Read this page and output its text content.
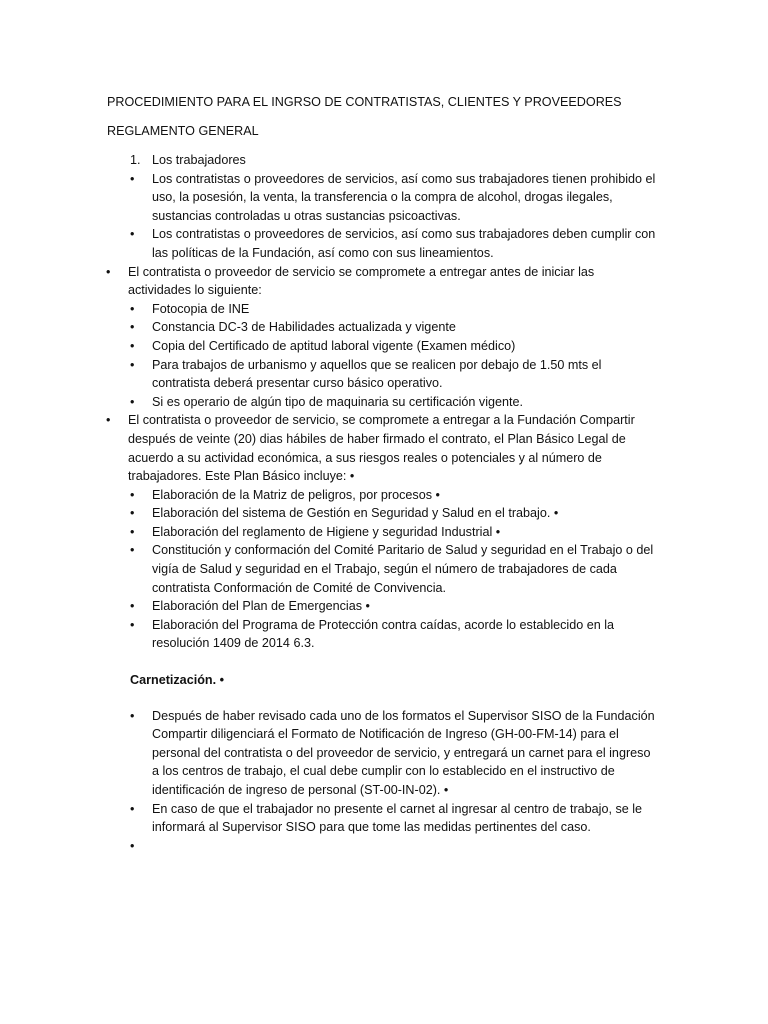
PROCEDIMIENTO PARA EL INGRSO DE CONTRATISTAS, CLIENTES Y PROVEEDORES
REGLAMENTO GENERAL
1. Los trabajadores
• Los contratistas o proveedores de servicios, así como sus trabajadores tienen prohibido el uso, la posesión, la venta, la transferencia o la compra de alcohol, drogas ilegales, sustancias controladas u otras sustancias psicoactivas.
• Los contratistas o proveedores de servicios, así como sus trabajadores deben cumplir con las políticas de la Fundación, así como con sus lineamientos.
• El contratista o proveedor de servicio se compromete a entregar antes de iniciar las actividades lo siguiente:
• Fotocopia de INE
• Constancia DC-3 de Habilidades actualizada y vigente
• Copia del Certificado de aptitud laboral vigente (Examen médico)
• Para trabajos de urbanismo y aquellos que se realicen por debajo de 1.50 mts el contratista deberá presentar curso básico operativo.
• Si es operario de algún tipo de maquinaria su certificación vigente.
• El contratista o proveedor de servicio, se compromete a entregar a la Fundación Compartir después de veinte (20) dias hábiles de haber firmado el contrato, el Plan Básico Legal de acuerdo a su actividad económica, a sus riesgos reales o potenciales y al número de trabajadores. Este Plan Básico incluye: •
• Elaboración de la Matriz de peligros, por procesos •
• Elaboración del sistema de Gestión en Seguridad y Salud en el trabajo. •
• Elaboración del reglamento de Higiene y seguridad Industrial •
• Constitución y conformación del Comité Paritario de Salud y seguridad en el Trabajo o del vigía de Salud y seguridad en el Trabajo, según el número de trabajadores de cada contratista Conformación de Comité de Convivencia.
• Elaboración del Plan de Emergencias •
• Elaboración del Programa de Protección contra caídas, acorde lo establecido en la resolución 1409 de 2014 6.3.
Carnetización. •
• Después de haber revisado cada uno de los formatos el Supervisor SISO de la Fundación Compartir diligenciará el Formato de Notificación de Ingreso (GH-00-FM-14) para el personal del contratista o del proveedor de servicio, y entregará un carnet para el ingreso a los centros de trabajo, el cual debe cumplir con lo establecido en el instructivo de identificación de ingreso de personal (ST-00-IN-02). •
• En caso de que el trabajador no presente el carnet al ingresar al centro de trabajo, se le informará al Supervisor SISO para que tome las medidas pertinentes del caso.
•
